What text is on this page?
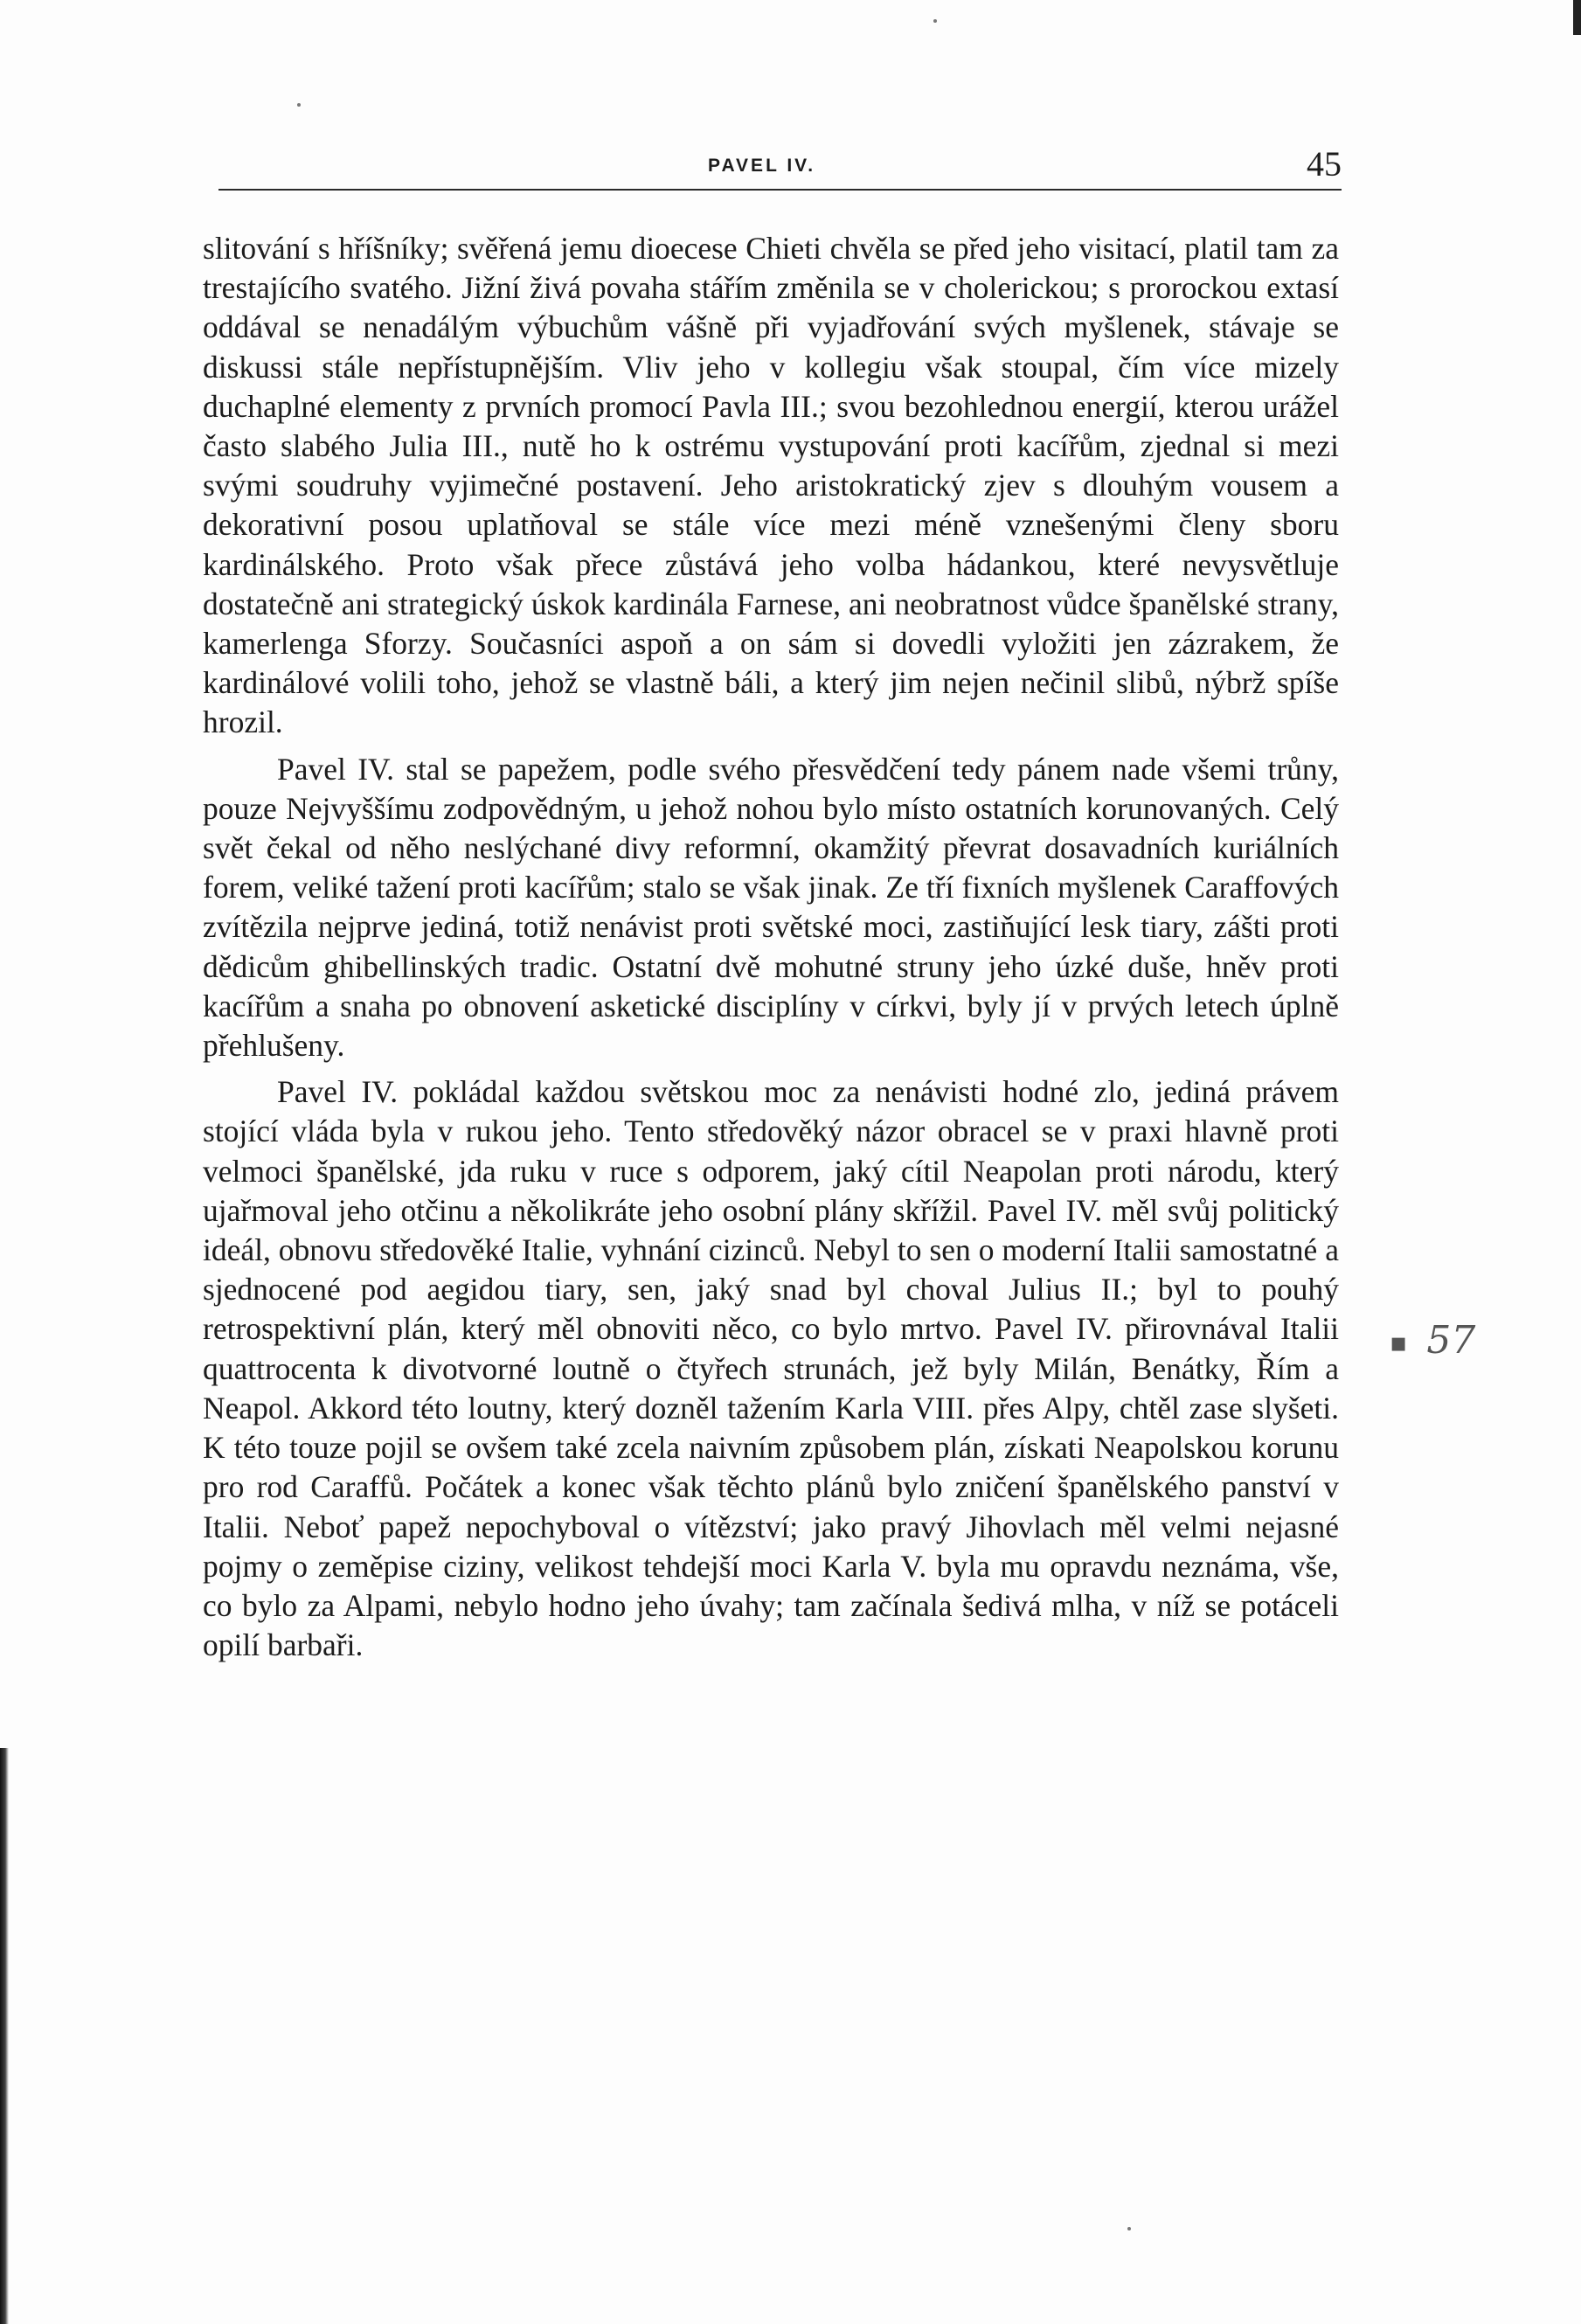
PAVEL IV.	45

slitování s hříšníky; svěřená jemu dioecese Chieti chvěla se před jeho visitací, platil tam za trestajícího svatého. Jižní živá povaha stářím změnila se v cholerickou; s prorockou extasí oddával se nenadálým výbuchům vášně při vyjadřování svých myšlenek, stávaje se diskussi stále nepřístupnějším. Vliv jeho v kollegiu však stoupal, čím více mizely duchaplné elementy z prvních promocí Pavla III.; svou bezohlednou energií, kterou urážel často slabého Julia III., nutě ho k ostrému vystupování proti kacířům, zjednal si mezi svými soudruhy vyjimečné postavení. Jeho aristokratický zjev s dlouhým vousem a dekorativní posou uplatňoval se stále více mezi méně vznešenými členy sboru kardinálského. Proto však přece zůstává jeho volba hádankou, které nevysvětluje dostatečně ani strategický úskok kardinála Farnese, ani neobratnost vůdce španělské strany, kamerlenga Sforzy. Současníci aspoň a on sám si dovedli vyložiti jen zázrakem, že kardinálové volili toho, jehož se vlastně báli, a který jim nejen nečinil slibů, nýbrž spíše hrozil.

Pavel IV. stal se papežem, podle svého přesvědčení tedy pánem nade všemi trůny, pouze Nejvyššímu zodpovědným, u jehož nohou bylo místo ostatních korunovaných. Celý svět čekal od něho neslýchané divy reformní, okamžitý převrat dosavadních kuriálních forem, veliké tažení proti kacířům; stalo se však jinak. Ze tří fixních myšlenek Caraffových zvítězila nejprve jediná, totiž nenávist proti světské moci, zastiňující lesk tiary, zášti proti dědicům ghibellinských tradic. Ostatní dvě mohutné struny jeho úzké duše, hněv proti kacířům a snaha po obnovení asketické disciplíny v církvi, byly jí v prvých letech úplně přehlušeny.

Pavel IV. pokládal každou světskou moc za nenávisti hodné zlo, jediná právem stojící vláda byla v rukou jeho. Tento středověký názor obracel se v praxi hlavně proti velmoci španělské, jda ruku v ruce s odporem, jaký cítil Neapolan proti národu, který ujařmoval jeho otčinu a několikráte jeho osobní plány skřížil. Pavel IV. měl svůj politický ideál, obnovu středověké Italie, vyhnání cizinců. Nebyl to sen o moderní Italii samostatné a sjednocené pod aegidou tiary, sen, jaký snad byl choval Julius II.; byl to pouhý retrospektivní plán, který měl obnoviti něco, co bylo mrtvo. Pavel IV. přirovnával Italii quattrocenta k divotvorné loutně o čtyřech strunách, jež byly Milán, Benátky, Řím a Neapol. Akkord této loutny, který dozněl tažením Karla VIII. přes Alpy, chtěl zase slyšeti. K této touze pojil se ovšem také zcela naivním způsobem plán, získati Neapolskou korunu pro rod Caraffů. Počátek a konec však těchto plánů bylo zničení španělského panství v Italii. Neboť papež nepochyboval o vítězství; jako pravý Jihovlach měl velmi nejasné pojmy o zeměpise ciziny, velikost tehdejší moci Karla V. byla mu opravdu neznáma, vše, co bylo za Alpami, nebylo hodno jeho úvahy; tam začínala šedivá mlha, v níž se potáceli opilí barbaři.

▪ 57
